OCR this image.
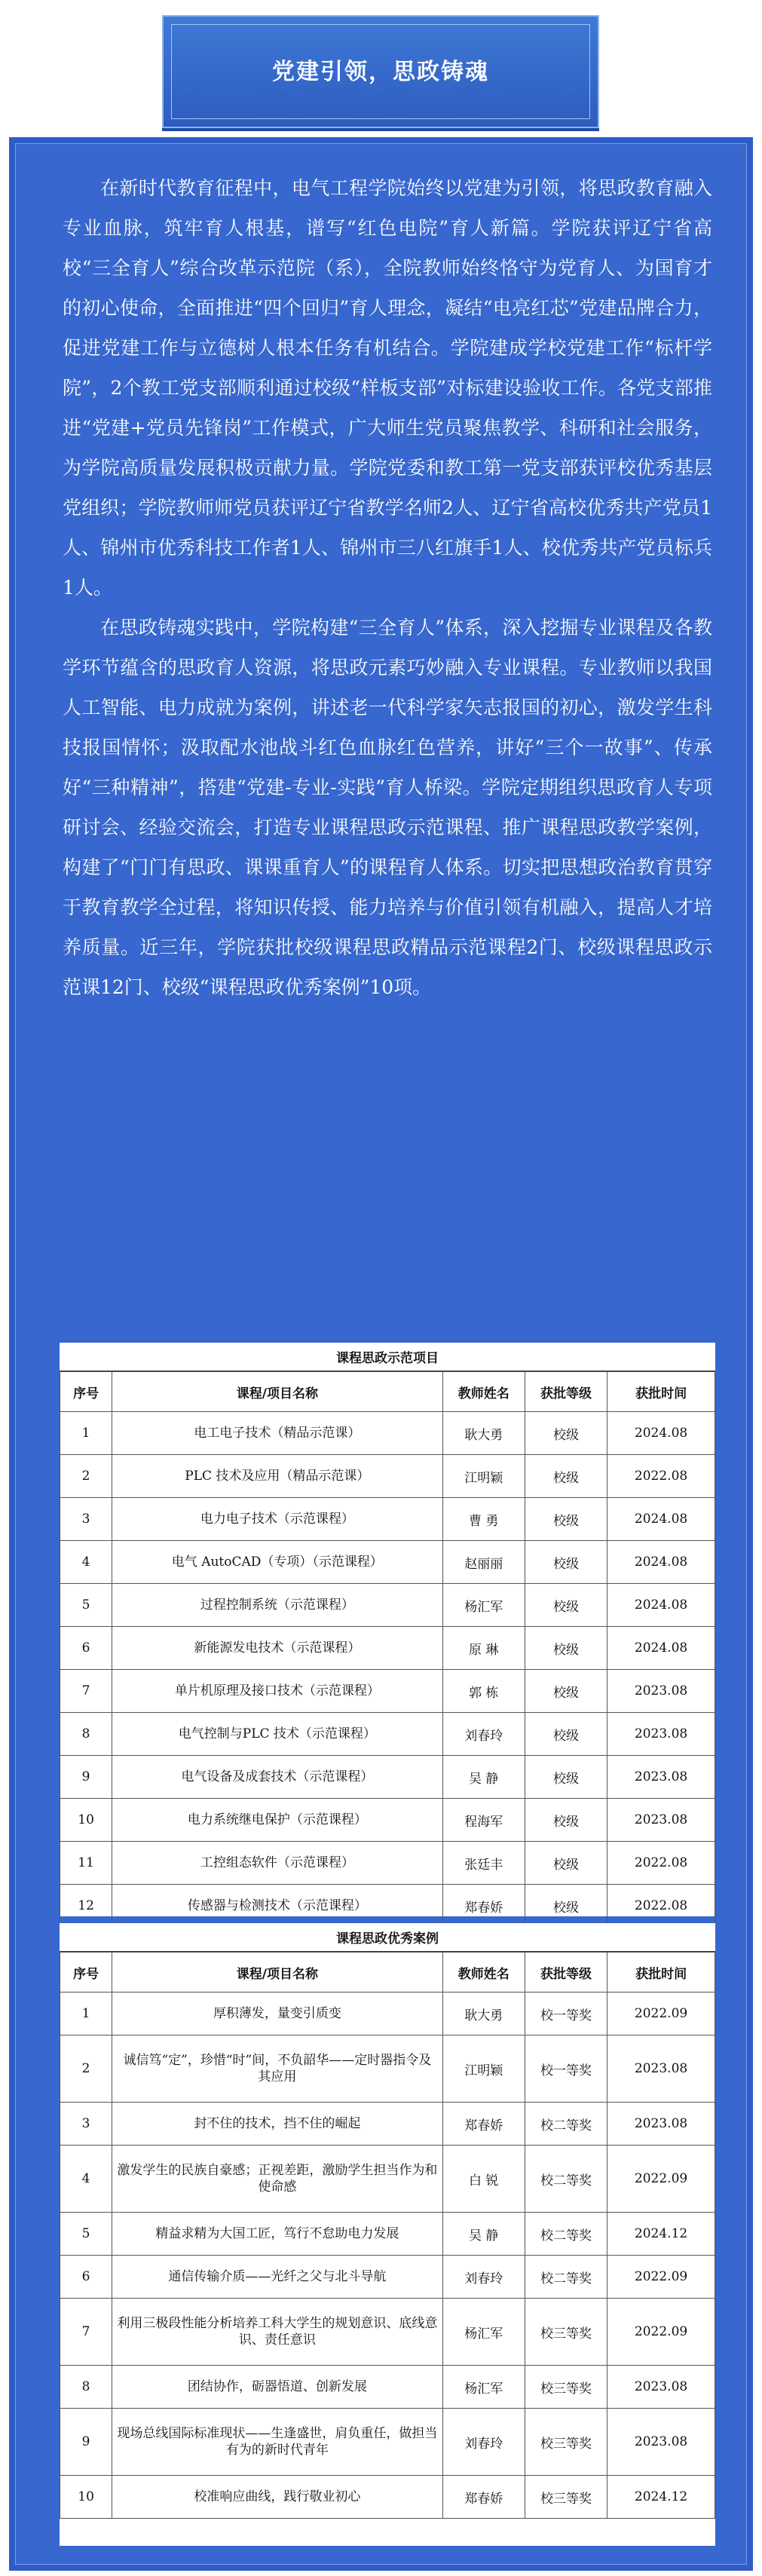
党建引领，思政铸魂

在新时代教育征程中，电气工程学院始终以党建为引领，将思政教育融入专业血脉，筑牢育人根基，谱写“红色电院”育人新篇。学院获评辽宁省高校“三全育人”综合改革示范院（系），全院教师始终恪守为党育人、为国育才的初心使命，全面推进“四个回归”育人理念，凝结“电亮红芯”党建品牌合力，促进党建工作与立德树人根本任务有机结合。学院建成学校党建工作“标杆学院”，2个教工党支部顺利通过校级“样板支部”对标建设验收工作。各党支部推进“党建+党员先锋岗”工作模式，广大师生党员聚焦教学、科研和社会服务，为学院高质量发展积极贡献力量。学院党委和教工第一党支部获评校优秀基层党组织；学院教师师党员获评辽宁省教学名师2人、辽宁省高校优秀共产党员1人、锦州市优秀科技工作者1人、锦州市三八红旗手1人、校优秀共产党员标兵1人。

在思政铸魂实践中，学院构建“三全育人”体系，深入挖掘专业课程及各教学环节蕴含的思政育人资源，将思政元素巧妙融入专业课程。专业教师以我国人工智能、电力成就为案例，讲述老一代科学家矢志报国的初心，激发学生科技报国情怀；汲取配水池战斗红色血脉红色营养，讲好“三个一故事”、传承好“三种精神”，搭建“党建-专业-实践”育人桥梁。学院定期组织思政育人专项研讨会、经验交流会，打造专业课程思政示范课程、推广课程思政教学案例，构建了“门门有思政、课课重育人”的课程育人体系。切实把思想政治教育贯穿于教育教学全过程，将知识传授、能力培养与价值引领有机融入，提高人才培养质量。近三年，学院获批校级课程思政精品示范课程2门、校级课程思政示范课12门、校级“课程思政优秀案例”10项。

课程思政示范项目
序号	课程/项目名称	教师姓名	获批等级	获批时间
1	电工电子技术（精品示范课）	耿大勇	校级	2024.08
2	PLC 技术及应用（精品示范课）	江明颖	校级	2022.08
3	电力电子技术（示范课程）	曹 勇	校级	2024.08
4	电气 AutoCAD（专项）（示范课程）	赵丽丽	校级	2024.08
5	过程控制系统（示范课程）	杨汇军	校级	2024.08
6	新能源发电技术（示范课程）	原 琳	校级	2024.08
7	单片机原理及接口技术（示范课程）	郭 栋	校级	2023.08
8	电气控制与PLC 技术（示范课程）	刘春玲	校级	2023.08
9	电气设备及成套技术（示范课程）	吴 静	校级	2023.08
10	电力系统继电保护（示范课程）	程海军	校级	2023.08
11	工控组态软件（示范课程）	张廷丰	校级	2022.08
12	传感器与检测技术（示范课程）	郑春娇	校级	2022.08
课程思政优秀案例
序号	课程/项目名称	教师姓名	获批等级	获批时间
1	厚积薄发，量变引质变	耿大勇	校一等奖	2022.09
2	诚信笃“定”，珍惜“时”间，不负韶华——定时器指令及其应用	江明颖	校一等奖	2023.08
3	封不住的技术，挡不住的崛起	郑春娇	校二等奖	2023.08
4	激发学生的民族自豪感；正视差距，激励学生担当作为和使命感	白 锐	校二等奖	2022.09
5	精益求精为大国工匠，笃行不怠助电力发展	吴 静	校二等奖	2024.12
6	通信传输介质——光纤之父与北斗导航	刘春玲	校二等奖	2022.09
7	利用三极段性能分析培养工科大学生的规划意识、底线意识、责任意识	杨汇军	校三等奖	2022.09
8	团结协作，砺器悟道、创新发展	杨汇军	校三等奖	2023.08
9	现场总线国际标准现状——生逢盛世，肩负重任，做担当有为的新时代青年	刘春玲	校三等奖	2023.08
10	校准响应曲线，践行敬业初心	郑春娇	校三等奖	2024.12
